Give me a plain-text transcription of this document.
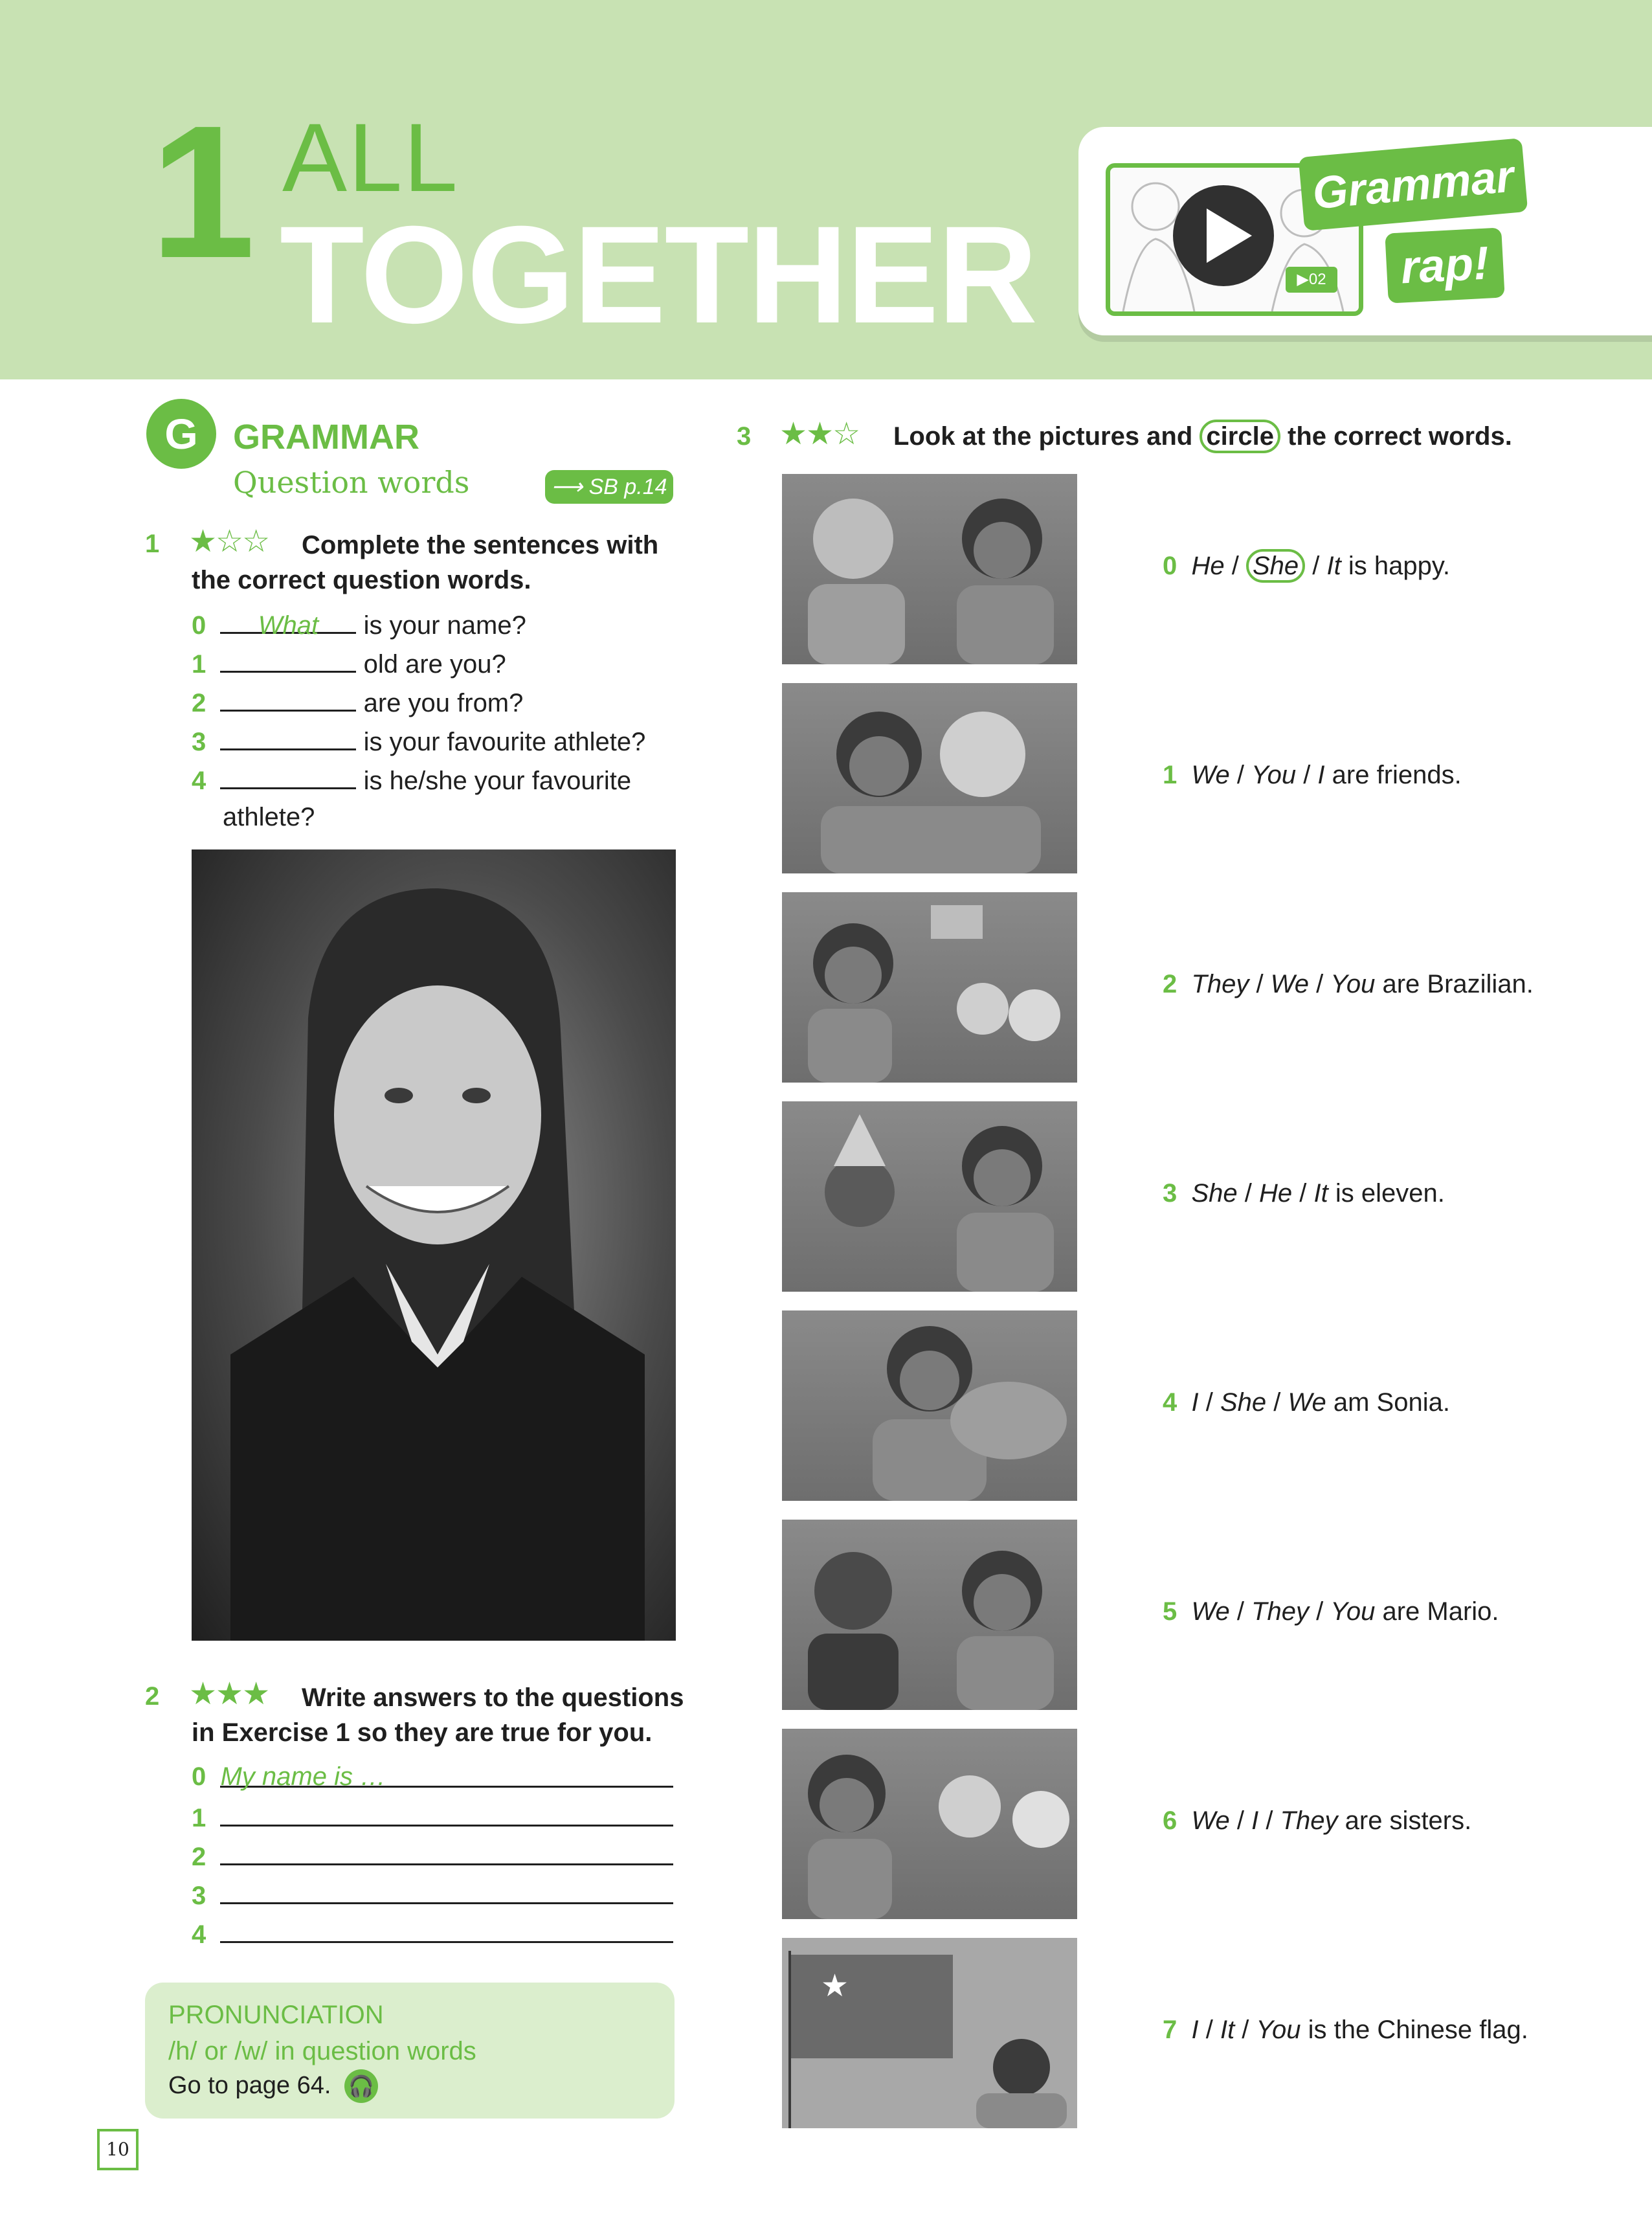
1 ALL
TOGETHER	▶02
Grammar
rap!
G	GRAMMAR
Question words	⟶ SB p.14
1 ★☆☆ Complete the sentences with
the correct question words.
0 What is your name?
1	old are you?
2	are you from?
3	is your favourite athlete?
4	is he/she your favourite
athlete?
2 ★★★ Write answers to the questions
in Exercise 1 so they are true for you.
0 My name is …
1
2
3
4
PRONUNCIATION
/h/ or /w/ in question words
Go to page 64. 🎧
10
3 ★★☆ Look at the pictures and circle the correct words.
★
0 He / She / It is happy.
1 We / You / I are friends.
2 They / We / You are Brazilian.
3 She / He / It is eleven.
4 I / She / We am Sonia.
5 We / They / You are Mario.
6 We / I / They are sisters.
7 I / It / You is the Chinese flag.
